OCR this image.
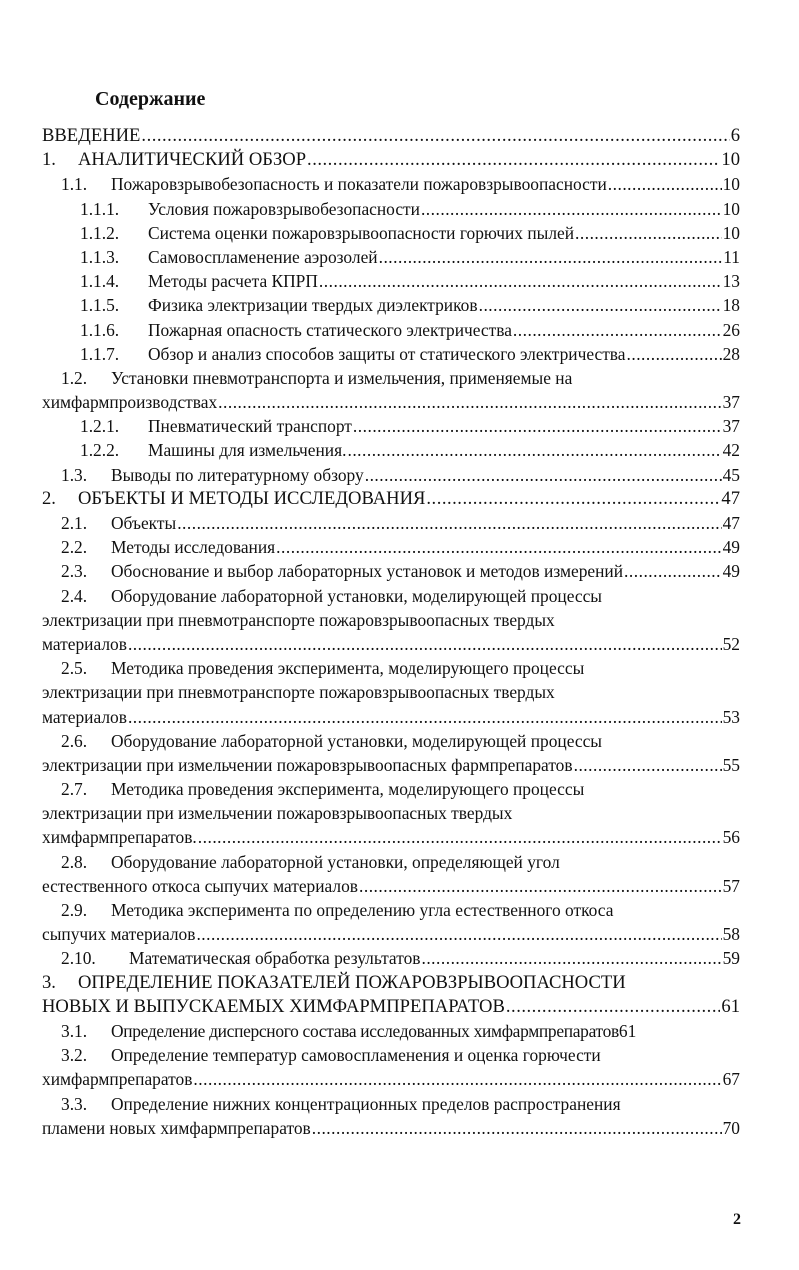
Содержание
ВВЕДЕНИЕ .....	6
1.	АНАЛИТИЧЕСКИЙ ОБЗОР .....	10
1.1.	Пожаровзрывобезопасность и показатели пожаровзрывоопасности .....	10
1.1.1.	Условия пожаровзрывобезопасности .....	10
1.1.2.	Система оценки пожаровзрывоопасности горючих пылей .....	10
1.1.3.	Самовоспламенение аэрозолей .....	11
1.1.4.	Методы расчета КПРП .....	13
1.1.5.	Физика электризации твердых диэлектриков .....	18
1.1.6.	Пожарная опасность статического электричества .....	26
1.1.7.	Обзор и анализ способов защиты от статического электричества .....	28
1.2.	Установки пневмотранспорта и измельчения, применяемые на
химфармпроизводствах .....	37
1.2.1.	Пневматический транспорт .....	37
1.2.2.	Машины для измельчения. .....	42
1.3.	Выводы по литературному обзору .....	45
2.	ОБЪЕКТЫ И МЕТОДЫ ИССЛЕДОВАНИЯ .....	47
2.1.	Объекты .....	47
2.2.	Методы исследования .....	49
2.3.	Обоснование и выбор лабораторных установок и методов измерений .....	49
2.4.	Оборудование лабораторной установки, моделирующей процессы
электризации при пневмотранспорте пожаровзрывоопасных твердых
материалов .....	52
2.5.	Методика проведения эксперимента, моделирующего процессы
электризации при пневмотранспорте пожаровзрывоопасных твердых
материалов .....	53
2.6.	Оборудование лабораторной установки, моделирующей процессы
электризации при измельчении пожаровзрывоопасных фармпрепаратов .....	55
2.7.	Методика проведения эксперимента, моделирующего процессы
электризации при измельчении пожаровзрывоопасных твердых
химфармпрепаратов. .....	56
2.8.	Оборудование лабораторной установки, определяющей угол
естественного откоса сыпучих материалов .....	57
2.9.	Методика эксперимента по определению угла естественного откоса
сыпучих материалов .....	58
2.10.	Математическая обработка результатов .....	59
3.	ОПРЕДЕЛЕНИЕ ПОКАЗАТЕЛЕЙ ПОЖАРОВЗРЫВООПАСНОСТИ
НОВЫХ И ВЫПУСКАЕМЫХ ХИМФАРМПРЕПАРАТОВ .....	61
3.1.	Определение дисперсного состава исследованных химфармпрепаратов 61
3.2.	Определение температур самовоспламенения и оценка горючести
химфармпрепаратов .....	67
3.3.	Определение нижних концентрационных пределов распространения
пламени новых химфармпрепаратов .....	70
2
